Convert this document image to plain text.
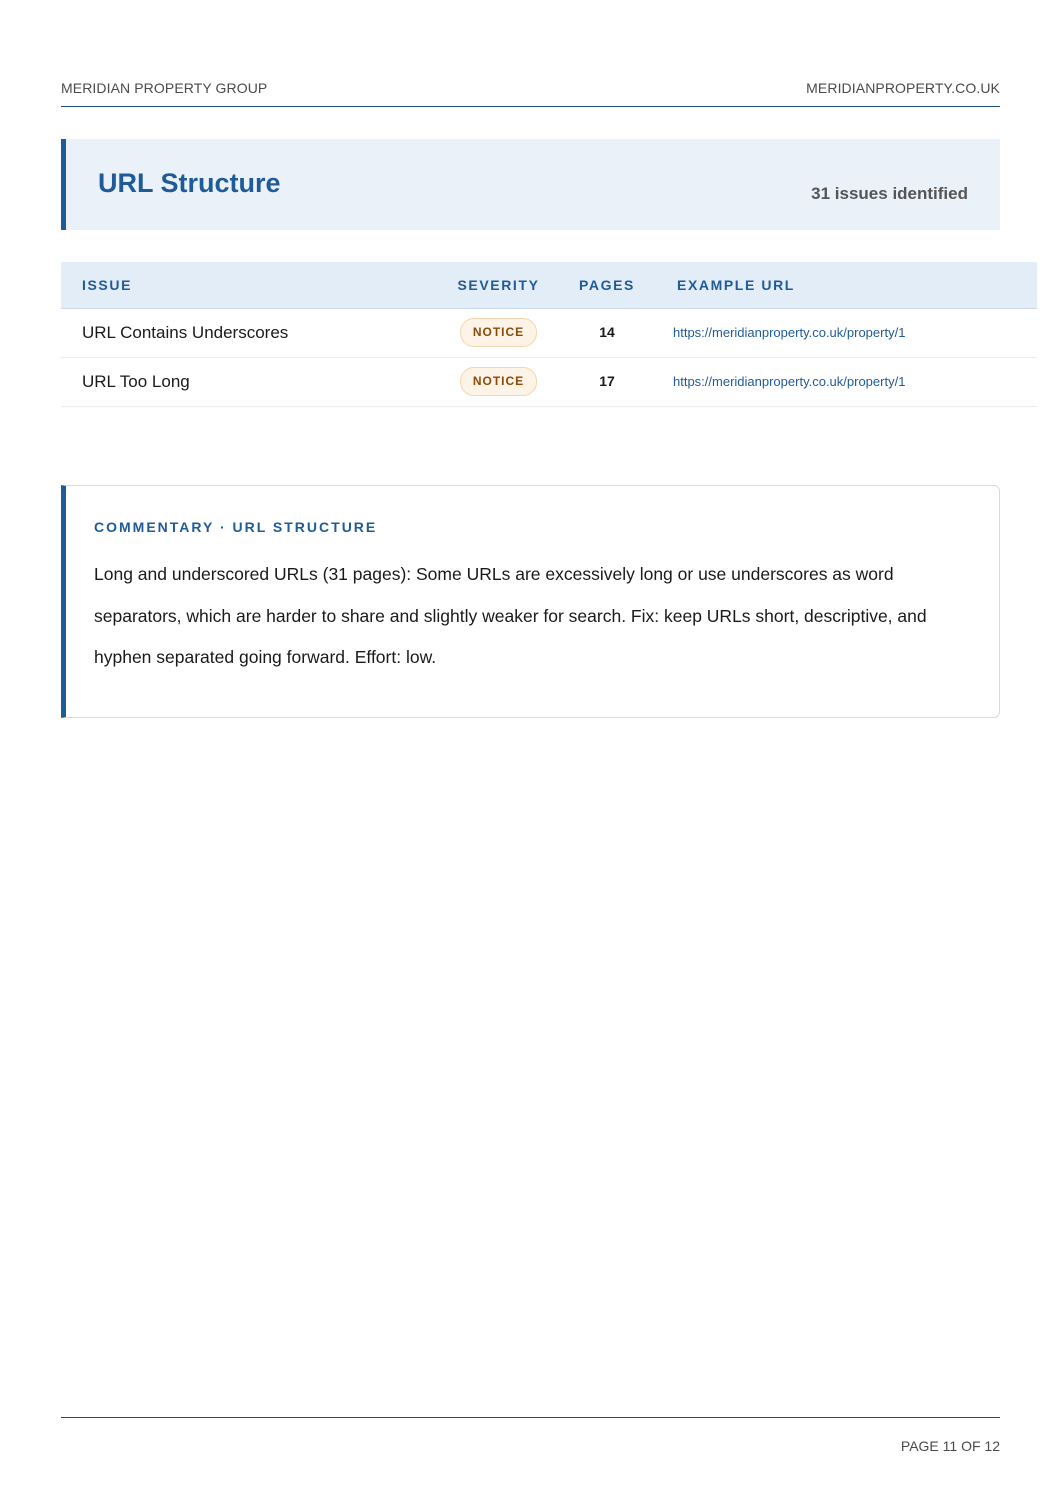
MERIDIAN PROPERTY GROUP	MERIDIANPROPERTY.CO.UK
URL Structure	31 issues identified
ISSUE	SEVERITY	PAGES	EXAMPLE URL
URL Contains Underscores	NOTICE	14	https://meridianproperty.co.uk/property/1
URL Too Long	NOTICE	17	https://meridianproperty.co.uk/property/1
COMMENTARY · URL STRUCTURE

Long and underscored URLs (31 pages): Some URLs are excessively long or use underscores as word separators, which are harder to share and slightly weaker for search. Fix: keep URLs short, descriptive, and hyphen separated going forward. Effort: low.

PAGE 11 OF 12
